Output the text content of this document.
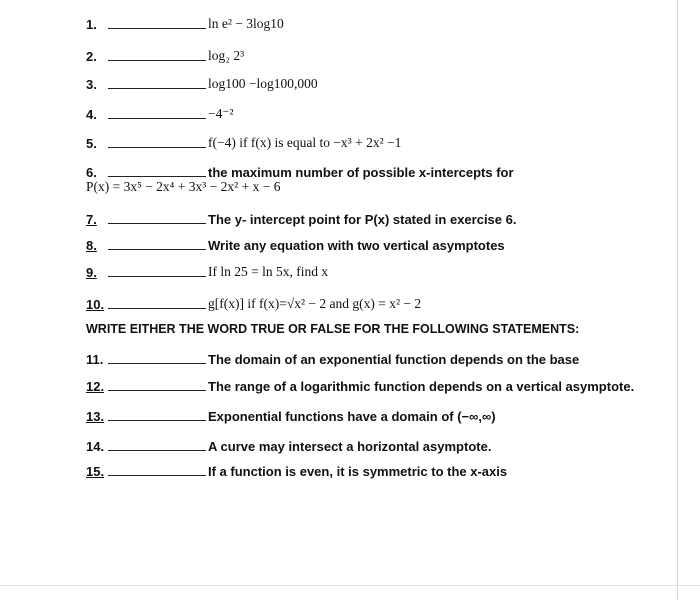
1.	ln e² − 3log10
2.	log₂ 2³
3.	log100 −log100,000
4.	−4⁻²
5.	f(−4) if f(x) is equal to −x³ + 2x² −1
6.	the maximum number of possible x-intercepts for
P(x) = 3x⁵ − 2x⁴ + 3x³ − 2x² + x − 6
7.	The y- intercept point for P(x) stated in exercise 6.
8.	Write any equation with two vertical asymptotes
9.	If ln 25 = ln 5x, find x
10.	g[f(x)] if f(x)=√x² − 2 and g(x) = x² − 2
WRITE EITHER THE WORD TRUE OR FALSE FOR THE FOLLOWING STATEMENTS:
11.	The domain of an exponential function depends on the base
12.	The range of a logarithmic function depends on a vertical asymptote.
13.	Exponential functions have a domain of (−∞,∞)
14.	A curve may intersect a horizontal asymptote.
15.	If a function is even, it is symmetric to the x-axis
